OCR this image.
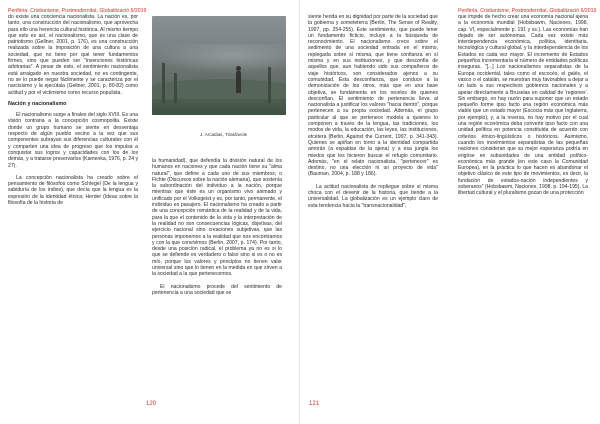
Perifèria. Cristianisme, Postmodernitat, Globalització 6/2019

do existe una conciencia nacionalista. La nación es, por tanto, una construcción del nacionalismo, que aprovecha para ello una herencia cultural histórica. Al mismo tiempo que esto es así, el nacionalismo, que es una clase de patriotismo (Gellner, 2001, p. 176), es una construcción realizada sobre la imposición de una cultura a una sociedad, que no tiene por qué tener fundamentos firmes, sino que pueden ser "invenciones históricas arbitrarias". A pesar de esto, el sentimiento nacionalista está arraigado en nuestra sociedad, no es contingente, no se lo puede negar fácilmente y se caracteriza por el narcisismo y la ejecútala (Gellner, 2001, p. 80-82) como actitud y por el victimismo como recurso populista.

Nación y nacionalismo

El nacionalismo surge a finales del siglo XVIII. Es una visión contraria a la concepción cosmopolita. Existe donde un grupo humano se siente en desventaja respecto de algún pueblo vecino a la vez que sus componentes subrayan sus diferencias culturales con él y comparten una idea de progreso que los impulsa a conquistar sus logros y capacidades con los de los demás, y a tratarse preservarlos (Kamenka, 1976, p. 24 y 27).

La concepción nacionalista ha creado sobre el pensamiento de filósofos como Schlegel (De la lengua y sabiduría de los indios), que decía que la lengua es la expresión de la identidad étnica; Herder (Ideas sobre la filosofía de la historia de

J. Arcadias, Tirasfavole

la humanidad), que defendía la división natural de los humanos en naciones y que cada nación tiene su "alma natural", que define a cada uno de sus miembros; o Fichte (Discursos sobre la nación alemana), que sostenía la subordinación del individuo a la nación, porque mientras que éste es un organismo vivo animado y unificado por el Volksgeist y es, por tanto, permanente, el individuo es pasajero. El nacionalismo ha creado a partir de una concepción romántica de la realidad y de la vida, para la que el contenido de la vida y la interpretación de la realidad no son consecuencias lógicas, objetivas, del ejercicio nacional sino creaciones subjetivas, que las personas imponemos a la realidad que nos encontramos y con la que convivimos (Berlin, 2007, p. 174). Por tanto, desde una posición radical, el problema ya no es si lo que se defiende es verdadero o falso sino si es o no es mío, porque los valores y principios no tienen valor universal sino que lo tienen en la medida en que sirven a la sociedad a la que pertenecemos.

El nacionalismo procede del sentimiento de pertenencia a una sociedad que se

120
Perifèria. Cristianisme, Postmodernitat, Globalització 6/2019

siente herida en su dignidad por parte de la sociedad que la gobierna y someteterra (Berlin, The Sense of Reality, 1997, pp. 254-255). Este sentimiento, que puede tener un fundamento ficticio, incluye a la búsqueda de reconocimiento. El nacionalismo crece sobre el sedimento de una sociedad entrada en el mismo, replegada sobre sí misma, que tiene confianza en sí misma y en sus instituciones, y que desconfía de aquellos que, aun habiendo sido sus compañeros de viaje históricos, son considerados ajenos a su comunidad. Esta desconfianza, que conduce a la demonización de los otros, más que en una base objetiva, se fundamenta en los recelos de quienes desconfían. El sentimiento de pertenencia lleva al nacionalista a justificar los valores "hacia dentro", porque pertenecen a su propia sociedad. Además, el grupo particular al que se pertenece modela a quienes lo componen a través de la lengua, las tradiciones, los modos de vida, la educación, las leyes, las instituciones, etcétera (Berlin, Against the Current, 1997, p. 341-343). Quienes se apiñan en torno a la identidad compartida amorán (a espaldas de la ajena) y a esa jungla los miedos que les hicieron buscar el refugio comunitario. Además, "en el relato nacionalista, "pertenecer" es destino, no una elección ni un proyecto de vida" (Bauman, 2004, p. 188 y 186).

La actitud nacionalista de repliegue sobre sí misma choca con el devenir de la historia, que tiende a la universalidad. La globalización es un ejemplo claro de esta tendencia hacia la "transnacionalidad",

que impide de hecho crear una economía nacional ajena a la economía mundial (Hobsbawm, Naciones, 1998, cap. VI, especialmente p. 191 y ss.). Las economías han dejado de ser autónomas. Cada vez existe más interdependencia económica, política, identitaria, tecnológica y cultural global, y la interdependencia de los Estados es cada vez mayor. El incremento de Estados pequeños incrementaría el número de entidades políticas inseguras. "[...] Los nacionalismos separatistas de la Europa occidental, tales como el escocés, el galés, el vasco o el catalán, se muestran muy favorables a dejar a un lado a sus respectivos gobiernos nacionales y a apelar directamente a Bruselas en calidad de 'regiones'. Sin embargo, no hay razón para suponer que un estado pequeño forme ipso facto una región económica más viable que un estado mayor (Escocia más que Inglaterra, por ejemplo), y, a la inversa, no hay motivo por el cual una región económica deba convertir ipso facto con una unidad política en potencia constituida de acuerdo con criterios étnico-lingüísticos o históricos. Asimismo, cuando los movimientos separatistas de las pequeñas naciones consideran que su mejor esperanza podría en erigirse en subunidades de una entidad político-económica más grande (en este caso la Comunidad Europea), en la práctica lo que hacen es abandonar el objetivo clásico de este tipo de movimientos, es decir, la fundación de estados-nación independientes y soberanos" (Hobsbawm, Naciones, 1998, p. 194-195). La libertad cultural y el pluralismo gozan de una protección

121
